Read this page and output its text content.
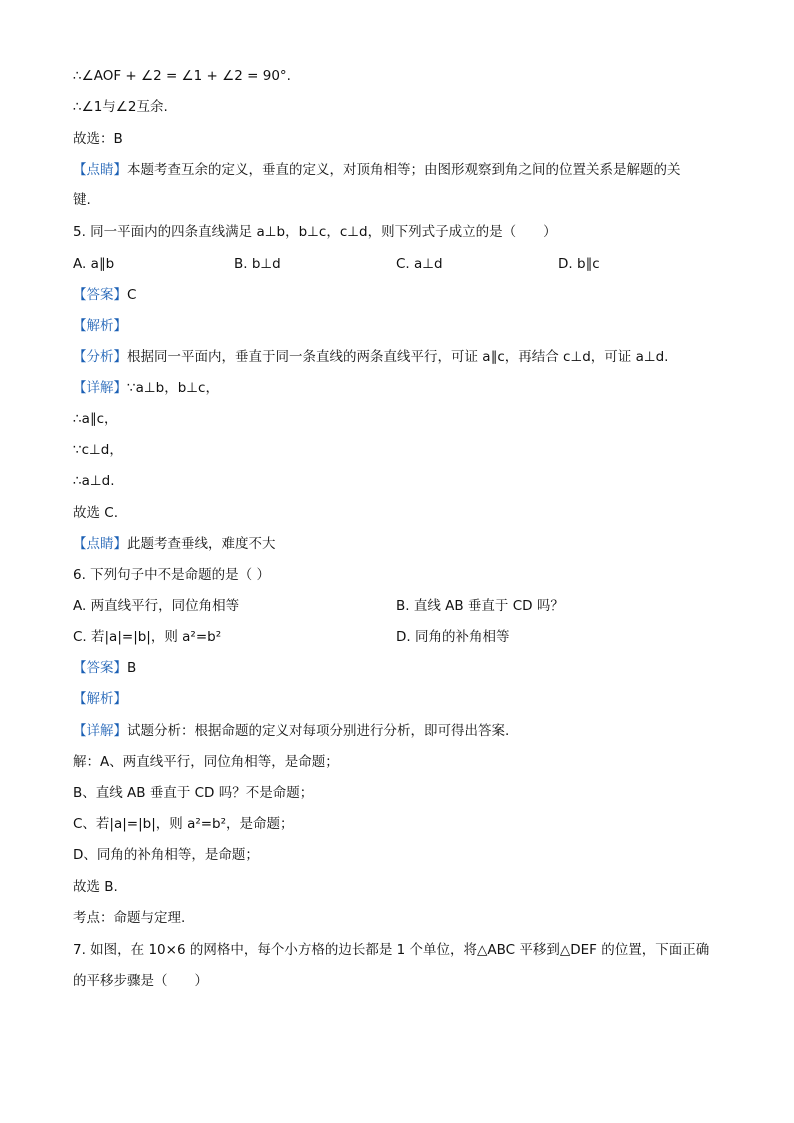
∴∠AOF + ∠2 = ∠1 + ∠2 = 90°.
∴∠1与∠2互余.
故选：B
【点睛】本题考查互余的定义，垂直的定义，对顶角相等；由图形观察到角之间的位置关系是解题的关
键.
5. 同一平面内的四条直线满足 a⊥b，b⊥c，c⊥d，则下列式子成立的是（　　）
A. a∥b	B. b⊥d	C. a⊥d	D. b∥c
【答案】C
【解析】
【分析】根据同一平面内，垂直于同一条直线的两条直线平行，可证 a∥c，再结合 c⊥d，可证 a⊥d.
【详解】∵a⊥b，b⊥c，
∴a∥c，
∵c⊥d，
∴a⊥d.
故选 C.
【点睛】此题考查垂线，难度不大
6. 下列句子中不是命题的是（ ）
A. 两直线平行，同位角相等	B. 直线 AB 垂直于 CD 吗？
C. 若|a|=|b|，则 a²=b²	D. 同角的补角相等
【答案】B
【解析】
【详解】试题分析：根据命题的定义对每项分别进行分析，即可得出答案.
解：A、两直线平行，同位角相等，是命题；
B、直线 AB 垂直于 CD 吗？不是命题；
C、若|a|=|b|，则 a²=b²，是命题；
D、同角的补角相等，是命题；
故选 B.
考点：命题与定理.
7. 如图，在 10×6 的网格中，每个小方格的边长都是 1 个单位，将△ABC 平移到△DEF 的位置，下面正确
的平移步骤是（　　）
